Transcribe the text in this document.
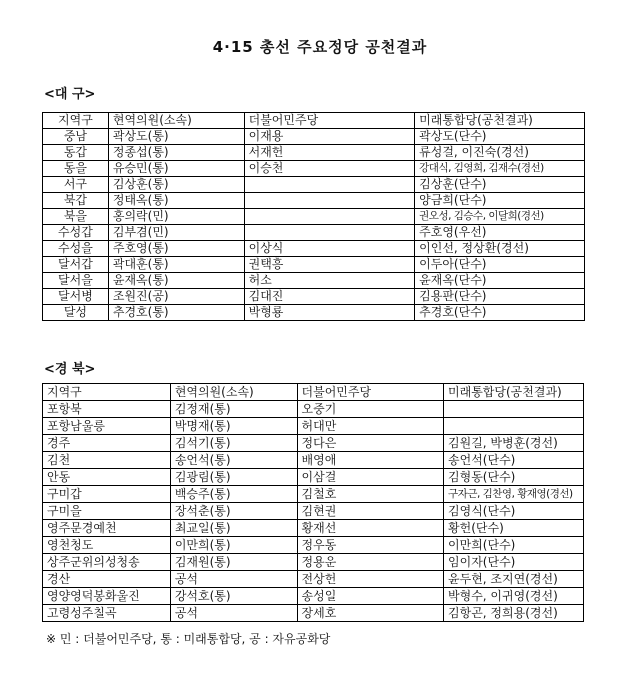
4·15 총선 주요정당 공천결과
<대 구>
지역구	현역의원(소속)	더불어민주당	미래통합당(공천결과)
중남	곽상도(통)	이재용	곽상도(단수)
동갑	정종섭(통)	서재헌	류성걸, 이진숙(경선)
동을	유승민(통)	이승천	강대식, 김영희, 김재수(경선)
서구	김상훈(통)		김상훈(단수)
북갑	정태옥(통)		양금희(단수)
북을	홍의락(민)		권오성, 김승수, 이달희(경선)
수성갑	김부겸(민)		주호영(우선)
수성을	주호영(통)	이상식	이인선, 정상환(경선)
달서갑	곽대훈(통)	권택흥	이두아(단수)
달서을	윤재옥(통)	허소	윤재옥(단수)
달서병	조원진(공)	김대진	김용판(단수)
달성	추경호(통)	박형룡	추경호(단수)
<경 북>
지역구	현역의원(소속)	더불어민주당	미래통합당(공천결과)
포항북	김정재(통)	오중기	
포항남울릉	박명재(통)	허대만	
경주	김석기(통)	정다은	김원길, 박병훈(경선)
김천	송언석(통)	배영애	송언석(단수)
안동	김광림(통)	이삼걸	김형동(단수)
구미갑	백승주(통)	김철호	구자근, 김찬영, 황재영(경선)
구미을	장석춘(통)	김현권	김영식(단수)
영주문경예천	최교일(통)	황재선	황헌(단수)
영천청도	이만희(통)	정우동	이만희(단수)
상주군위의성청송	김재원(통)	정용운	임이자(단수)
경산	공석	전상헌	윤두현, 조지연(경선)
영양영덕봉화울진	강석호(통)	송성일	박형수, 이귀영(경선)
고령성주칠곡	공석	장세호	김항곤, 정희용(경선)
※ 민 : 더불어민주당, 통 : 미래통합당, 공 : 자유공화당
